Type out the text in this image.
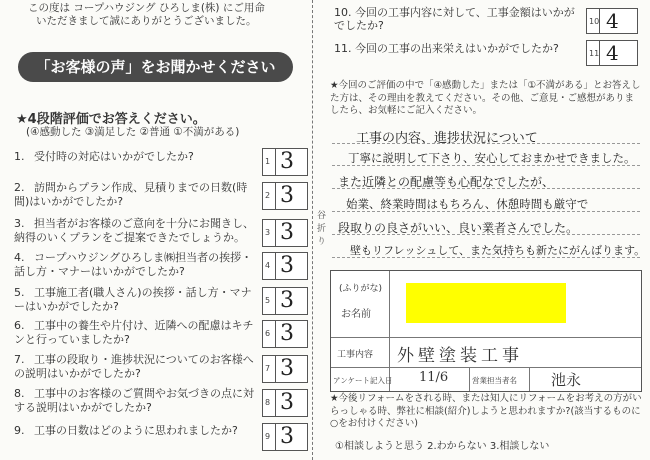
この度は コープハウジング ひろしま(株) にご用命
いただきまして誠にありがとうございました。
「お客様の声」をお聞かせください
★4段階評価でお答えください。
(④感動した ③満足した ②普通 ①不満がある)
1. 受付時の対応はいかがでしたか?	1 3
2. 訪問からプラン作成、見積りまでの日数(時間)はいかがでしたか?	2 3
3. 担当者がお客様のご意向を十分にお聞きし、納得のいくプランをご提案できたでしょうか。	3 3
4. コープハウジングひろしま㈱担当者の挨拶・話し方・マナーはいかがでしたか?	4 3
5. 工事施工者(職人さん)の挨拶・話し方・マナーはいかがでしたか?	5 3
6. 工事中の養生や片付け、近隣への配慮はキチンと行っていましたか?	6 3
7. 工事の段取り・進捗状況についてのお客様への説明はいかがでしたか?	7 3
8. 工事中のお客様のご質問やお気づきの点に対する説明はいかがでしたか?	8 3
9. 工事の日数はどのように思われましたか?	9 3
谷折り
10. 今回の工事内容に対して、工事金額はいかがでしたか?	10 4
11. 今回の工事の出来栄えはいかがでしたか?	11 4
★今回のご評価の中で「④感動した」または「①不満がある」とお答えした方は、その理由を教えてください。その他、ご意見・ご感想がありましたら、お気軽にご記入ください。
工事の内容、進捗状況について
丁寧に説明して下さり、安心しておまかせできました。
また近隣との配慮等も心配なでしたが、
始業、終業時間はもちろん、休憩時間も厳守で
段取りの良さがいい、良い業者さんでした。
壁もリフレッシュして、また気持ちも新たにがんばります。
(ふりがな)
お名前
工事内容 外壁塗装工事
アンケート記入日 11/6	営業担当者名 池永
★今後リフォームをされる時、または知人にリフォームをお考えの方がいらっしゃる時、弊社に相談(紹介)しようと思われますか?(該当するものに○をお付けください)
①相談しようと思う 2.わからない 3.相談しない
